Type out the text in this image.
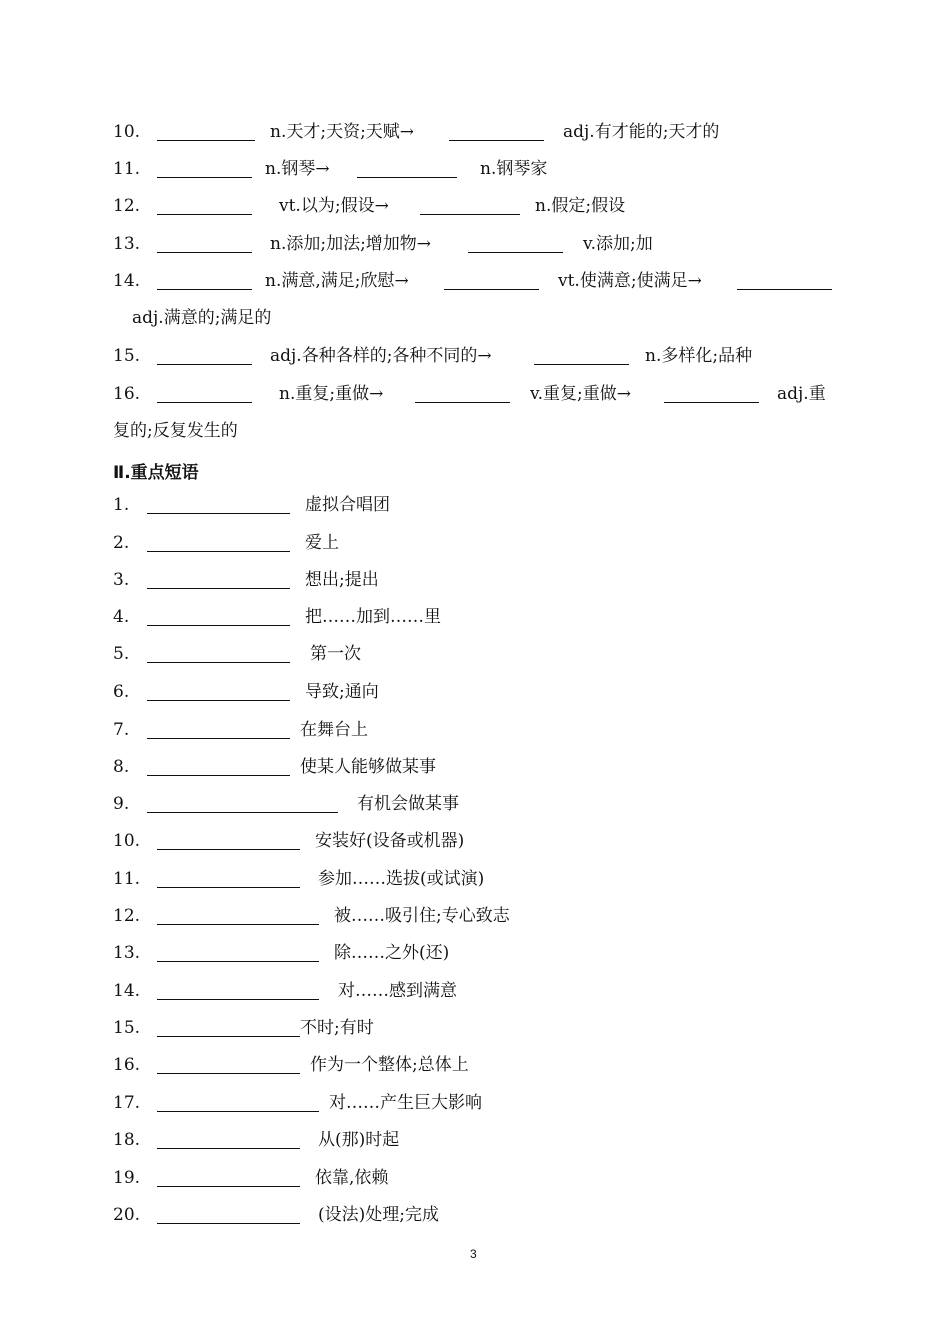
10.	n.天才;天资;天赋→	adj.有才能的;天才的
11.	n.钢琴→	n.钢琴家
12.	vt.以为;假设→	n.假定;假设
13.	n.添加;加法;增加物→	v.添加;加
14.	n.满意,满足;欣慰→	vt.使满意;使满足→
adj.满意的;满足的
15.	adj.各种各样的;各种不同的→	n.多样化;品种
16.	n.重复;重做→	v.重复;重做→	adj.重
复的;反复发生的
Ⅱ.重点短语
1.	虚拟合唱团
2.	爱上
3.	想出;提出
4.	把……加到……里
5.	第一次
6.	导致;通向
7.	在舞台上
8.	使某人能够做某事
9.	有机会做某事
10.	安装好(设备或机器)
11.	参加……选拔(或试演)
12.	被……吸引住;专心致志
13.	除……之外(还)
14.	对……感到满意
15.	不时;有时
16.	作为一个整体;总体上
17.	对……产生巨大影响
18.	从(那)时起
19.	依靠,依赖
20.	(设法)处理;完成
3
